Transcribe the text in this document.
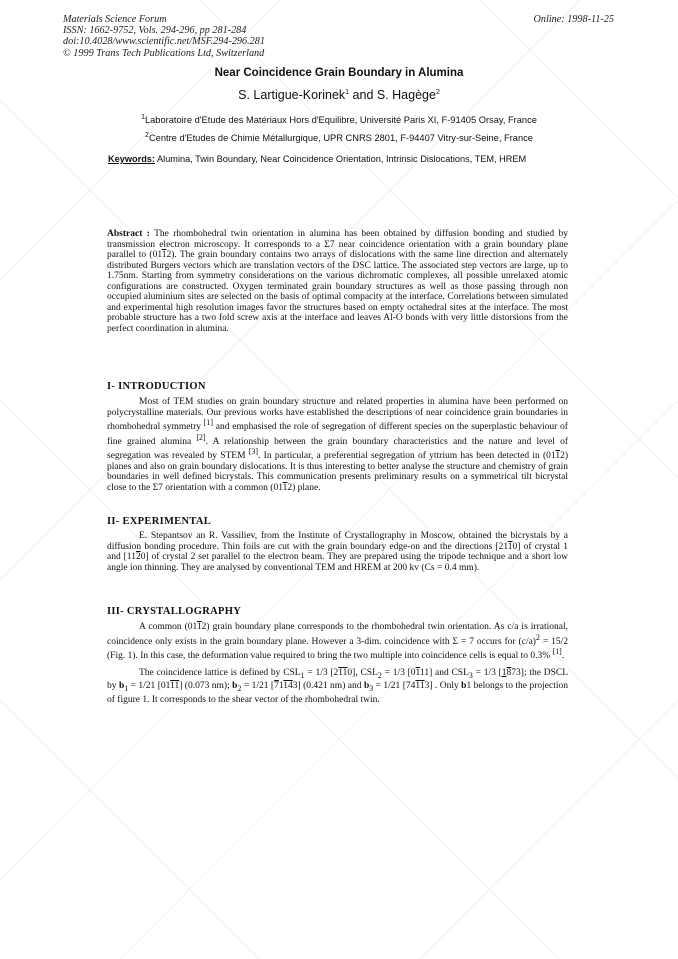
Materials Science Forum
ISSN: 1662-9752, Vols. 294-296, pp 281-284
doi:10.4028/www.scientific.net/MSF.294-296.281
© 1999 Trans Tech Publications Ltd, Switzerland
Online: 1998-11-25
Near Coincidence Grain Boundary in Alumina
S. Lartigue-Korinek$^1$ and S. Hagège$^2$
$^1$Laboratoire d'Etude des Matériaux Hors d'Equilibre, Université Paris XI, F-91405 Orsay, France
$^2$Centre d'Etudes de Chimie Métallurgique, UPR CNRS 2801, F-94407 Vitry-sur-Seine, France
Keywords: Alumina, Twin Boundary, Near Coincidence Orientation, Intrinsic Dislocations, TEM, HREM
Abstract : The rhombohedral twin orientation in alumina has been obtained by diffusion bonding and studied by transmission electron microscopy. It corresponds to a Σ7 near coincidence orientation with a grain boundary plane parallel to (0112). The grain boundary contains two arrays of dislocations with the same line direction and alternately distributed Burgers vectors which are translation vectors of the DSC lattice. The associated step vectors are large, up to 1.75nm. Starting from symmetry considerations on the various dichromatic complexes, all possible unrelaxed atomic configurations are constructed. Oxygen terminated grain boundary structures as well as those passing through non occupied aluminium sites are selected on the basis of optimal compacity at the interface. Correlations between simulated and experimental high resolution images favor the structures based on empty octahedral sites at the interface. The most probable structure has a two fold screw axis at the interface and leaves Al-O bonds with very little distorsions from the perfect coordination in alumina.
I- INTRODUCTION
Most of TEM studies on grain boundary structure and related properties in alumina have been performed on polycrystalline materials. Our previous works have established the descriptions of near coincidence grain boundaries in rhombohedral symmetry [1] and emphasised the role of segregation of different species on the superplastic behaviour of fine grained alumina [2]. A relationship between the grain boundary characteristics and the nature and level of segregation was revealed by STEM [3]. In particular, a preferential segregation of yttrium has been detected in (0112) planes and also on grain boundary dislocations. It is thus interesting to better analyse the structure and chemistry of grain boundaries in well defined bicrystals. This communication presents preliminary results on a symmetrical tilt bicrystal close to the Σ7 orientation with a common (0112) plane.
II- EXPERIMENTAL
E. Stepantsov an R. Vassiliev, from the Institute of Crystallography in Moscow, obtained the bicrystals by a diffusion bonding procedure. Thin foils are cut with the grain boundary edge-on and the directions [2110] of crystal 1 and [1120] of crystal 2 set parallel to the electron beam. They are prepared using the tripode technique and a short low angle ion thinning. They are analysed by conventional TEM and HREM at 200 kv (Cs = 0.4 mm).
III- CRYSTALLOGRAPHY
A common (0112) grain boundary plane corresponds to the rhombohedral twin orientation. As c/a is irrational, coincidence only exists in the grain boundary plane. However a 3-dim. coincidence with Σ = 7 occurs for $(c/a)^2 = 15/2$ (Fig. 1). In this case, the deformation value required to bring the two multiple into coincidence cells is equal to 0.3% [1].
The coincidence lattice is defined by $CSL_1 = 1/3$ [2110], $CSL_2 = 1/3$ [0111] and $CSL_3 = 1/3$ [1873]; the DSCL by $b_1 = 1/21$ [0111] (0.073 nm); $b_2 = 1/21$ [71143] (0.421 nm) and $b_3 = 1/21$ [74113] . Only b1 belongs to the projection of figure 1. It corresponds to the shear vector of the rhombohedral twin.
